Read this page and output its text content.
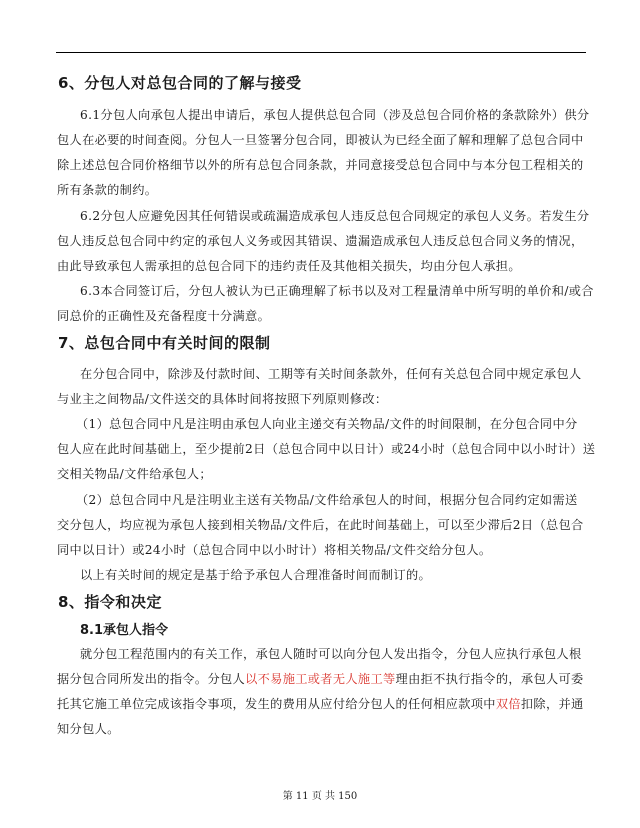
6、分包人对总包合同的了解与接受
6.1分包人向承包人提出申请后，承包人提供总包合同（涉及总包合同价格的条款除外）供分
包人在必要的时间查阅。分包人一旦签署分包合同，即被认为已经全面了解和理解了总包合同中
除上述总包合同价格细节以外的所有总包合同条款，并同意接受总包合同中与本分包工程相关的
所有条款的制约。
6.2分包人应避免因其任何错误或疏漏造成承包人违反总包合同规定的承包人义务。若发生分
包人违反总包合同中约定的承包人义务或因其错误、遗漏造成承包人违反总包合同义务的情况，
由此导致承包人需承担的总包合同下的违约责任及其他相关损失，均由分包人承担。
6.3本合同签订后，分包人被认为已正确理解了标书以及对工程量清单中所写明的单价和/或合
同总价的正确性及充备程度十分满意。
7、总包合同中有关时间的限制
在分包合同中，除涉及付款时间、工期等有关时间条款外，任何有关总包合同中规定承包人
与业主之间物品/文件送交的具体时间将按照下列原则修改：
（1）总包合同中凡是注明由承包人向业主递交有关物品/文件的时间限制，在分包合同中分
包人应在此时间基础上，至少提前2日（总包合同中以日计）或24小时（总包合同中以小时计）送
交相关物品/文件给承包人；
（2）总包合同中凡是注明业主送有关物品/文件给承包人的时间，根据分包合同约定如需送
交分包人，均应视为承包人接到相关物品/文件后，在此时间基础上，可以至少滞后2日（总包合
同中以日计）或24小时（总包合同中以小时计）将相关物品/文件交给分包人。
以上有关时间的规定是基于给予承包人合理准备时间而制订的。
8、指令和决定
8.1承包人指令
就分包工程范围内的有关工作，承包人随时可以向分包人发出指令，分包人应执行承包人根
据分包合同所发出的指令。分包人以不易施工或者无人施工等理由拒不执行指令的，承包人可委
托其它施工单位完成该指令事项，发生的费用从应付给分包人的任何相应款项中双倍扣除，并通
知分包人。
第 11 页 共 150
